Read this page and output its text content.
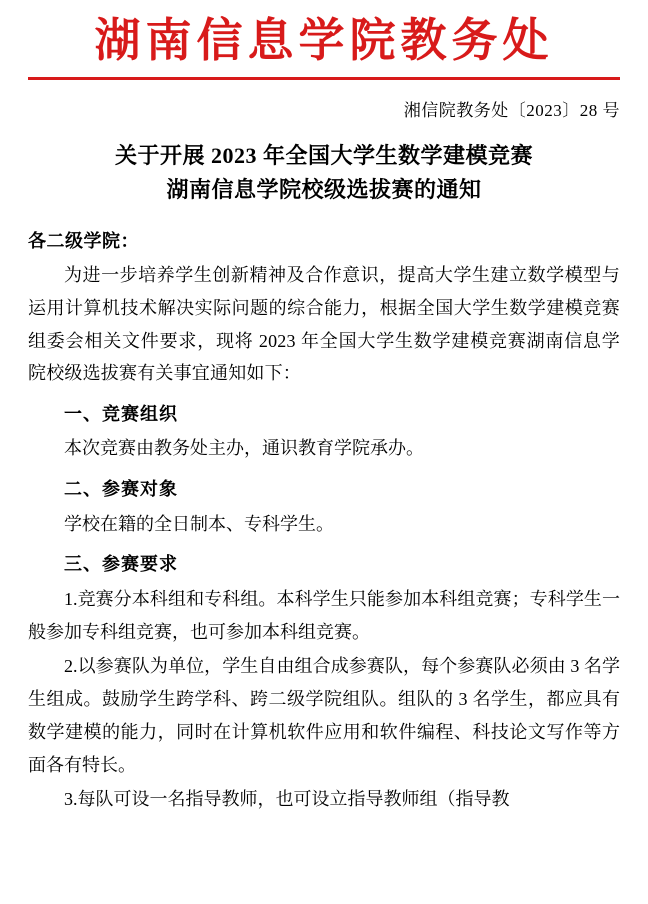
湖南信息学院教务处
湘信院教务处〔2023〕28 号
关于开展 2023 年全国大学生数学建模竞赛
湖南信息学院校级选拔赛的通知
各二级学院：
为进一步培养学生创新精神及合作意识，提高大学生建立数学模型与运用计算机技术解决实际问题的综合能力，根据全国大学生数学建模竞赛组委会相关文件要求，现将 2023 年全国大学生数学建模竞赛湖南信息学院校级选拔赛有关事宜通知如下：
一、竞赛组织
本次竞赛由教务处主办，通识教育学院承办。
二、参赛对象
学校在籍的全日制本、专科学生。
三、参赛要求
1.竞赛分本科组和专科组。本科学生只能参加本科组竞赛；专科学生一般参加专科组竞赛，也可参加本科组竞赛。
2.以参赛队为单位，学生自由组合成参赛队，每个参赛队必须由 3 名学生组成。鼓励学生跨学科、跨二级学院组队。组队的 3 名学生，都应具有数学建模的能力，同时在计算机软件应用和软件编程、科技论文写作等方面各有特长。
3.每队可设一名指导教师，也可设立指导教师组（指导教
